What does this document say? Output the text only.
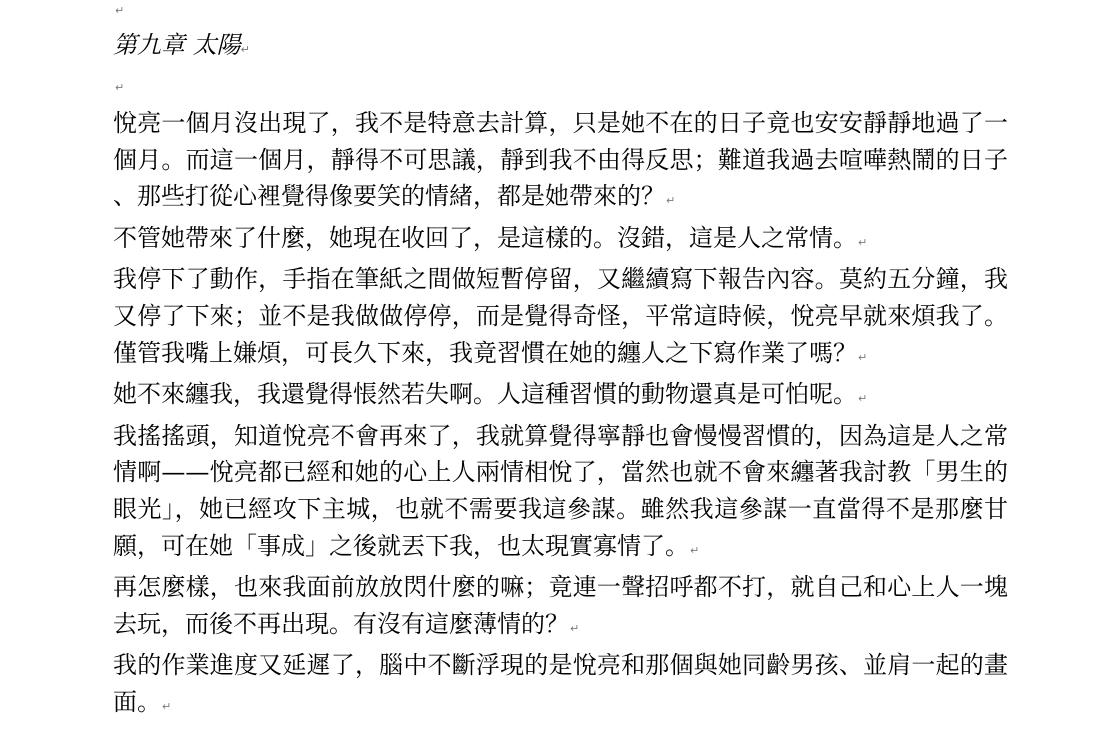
↵
第九章 太陽↵
↵

悅亮一個月沒出現了，我不是特意去計算，只是她不在的日子竟也安安靜靜地過了一個月。而這一個月，靜得不可思議，靜到我不由得反思；難道我過去喧嘩熱鬧的日子、那些打從心裡覺得像要笑的情緒，都是她帶來的？↵

不管她帶來了什麼，她現在收回了，是這樣的。沒錯，這是人之常情。↵

我停下了動作，手指在筆紙之間做短暫停留，又繼續寫下報告內容。莫約五分鐘，我又停了下來；並不是我做做停停，而是覺得奇怪，平常這時候，悅亮早就來煩我了。僅管我嘴上嫌煩，可長久下來，我竟習慣在她的纏人之下寫作業了嗎？↵

她不來纏我，我還覺得悵然若失啊。人這種習慣的動物還真是可怕呢。↵

我搖搖頭，知道悅亮不會再來了，我就算覺得寧靜也會慢慢習慣的，因為這是人之常情啊——悅亮都已經和她的心上人兩情相悅了，當然也就不會來纏著我討教「男生的眼光」，她已經攻下主城，也就不需要我這參謀。雖然我這參謀一直當得不是那麼甘願，可在她「事成」之後就丟下我，也太現實寡情了。↵

再怎麼樣，也來我面前放放閃什麼的嘛；竟連一聲招呼都不打，就自己和心上人一塊去玩，而後不再出現。有沒有這麼薄情的？↵

我的作業進度又延遲了，腦中不斷浮現的是悅亮和那個與她同齡男孩、並肩一起的畫面。↵
